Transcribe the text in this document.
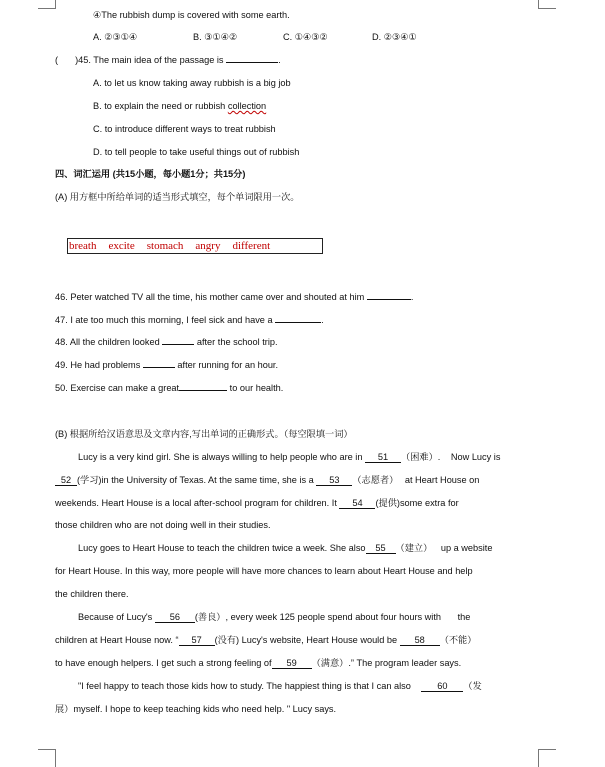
④The rubbish dump is covered with some earth.
A. ②③①④	B. ③①④②	C. ①④③②	D. ②③④①
( )45. The main idea of the passage is	.
A. to let us know taking away rubbish is a big job
B. to explain the need or rubbish collection
C. to introduce different ways to treat rubbish
D. to tell people to take useful things out of rubbish
四、词汇运用 (共15小题，每小题1分；共15分)
(A) 用方框中所给单词的适当形式填空，每个单词限用一次。
breath excite stomach angry different
46. Peter watched TV all the time, his mother came over and shouted at him	.
47. I ate too much this morning, I feel sick and have a	.
48. All the children looked	after the school trip.
49. He had problems	after running for an hour.
50. Exercise can make a great	to our health.
(B) 根据所给汉语意思及文章内容,写出单词的正确形式。（每空限填一词）
Lucy is a very kind girl. She is always willing to help people who are in 51 （困难）. Now Lucy is
52 (学习)in the University of Texas. At the same time, she is a 53 （志愿者） at Heart House on
weekends. Heart House is a local after-school program for children. It 54 (提供)some extra for
those children who are not doing well in their studies.
Lucy goes to Heart House to teach the children twice a week. She also 55 （建立） up a website
for Heart House. In this way, more people will have more chances to learn about Heart House and help
the children there.
Because of Lucy's 56 (善良）, every week 125 people spend about four hours with the
children at Heart House now. “ 57 (没有) Lucy's website, Heart House would be 58 （不能）
to have enough helpers. I get such a strong feeling of 59 （满意）.” The program leader says.
"I feel happy to teach those kids how to study. The happiest thing is that I can also	60 （发
展）myself. I hope to keep teaching kids who need help. " Lucy says.
